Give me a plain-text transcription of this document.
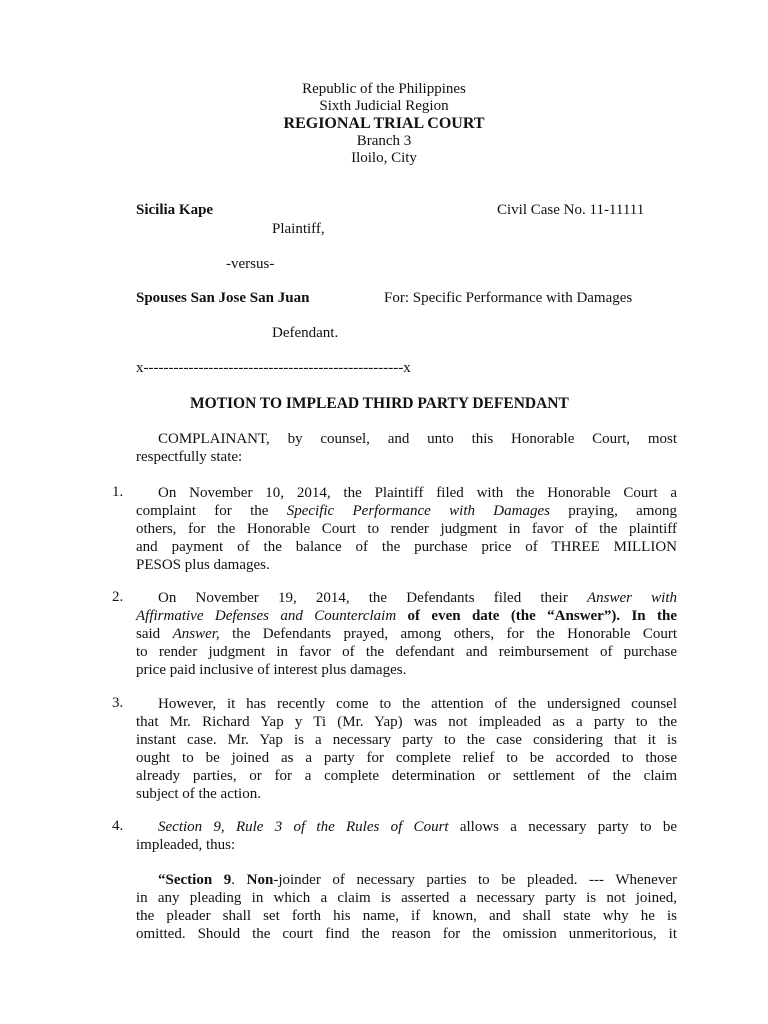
Republic of the Philippines
Sixth Judicial Region
REGIONAL TRIAL COURT
Branch 3
Iloilo, City
Sicilia Kape	Civil Case No. 11-11111
Plaintiff,
-versus-
Spouses San Jose San Juan	For: Specific Performance with Damages
Defendant.
x----------------------------------------------------x
MOTION TO IMPLEAD THIRD PARTY DEFENDANT
COMPLAINANT, by counsel, and unto this Honorable Court, most
respectfully state:
1.	On November 10, 2014, the Plaintiff filed with the Honorable Court a
complaint for the Specific Performance with Damages praying, among
others, for the Honorable Court to render judgment in favor of the plaintiff
and payment of the balance of the purchase price of THREE MILLION
PESOS plus damages.
2.	On November 19, 2014, the Defendants filed their Answer with
Affirmative Defenses and Counterclaim of even date (the “Answer”). In the
said Answer, the Defendants prayed, among others, for the Honorable Court
to render judgment in favor of the defendant and reimbursement of purchase
price paid inclusive of interest plus damages.
3.	However, it has recently come to the attention of the undersigned counsel
that Mr. Richard Yap y Ti (Mr. Yap) was not impleaded as a party to the
instant case. Mr. Yap is a necessary party to the case considering that it is
ought to be joined as a party for complete relief to be accorded to those
already parties, or for a complete determination or settlement of the claim
subject of the action.
4.	Section 9, Rule 3 of the Rules of Court allows a necessary party to be
impleaded, thus:
“Section 9. Non-joinder of necessary parties to be pleaded. --- Whenever
in any pleading in which a claim is asserted a necessary party is not joined,
the pleader shall set forth his name, if known, and shall state why he is
omitted. Should the court find the reason for the omission unmeritorious, it
